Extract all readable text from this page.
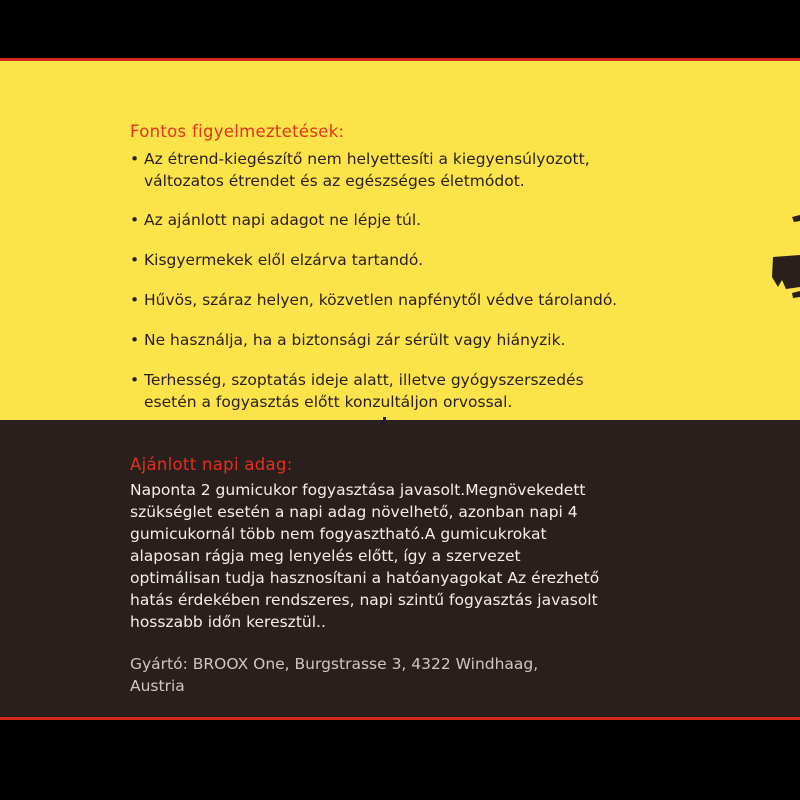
Fontos figyelmeztetések:
• Az étrend-kiegészítő nem helyettesíti a kiegyensúlyozott,
változatos étrendet és az egészséges életmódot.
• Az ajánlott napi adagot ne lépje túl.
• Kisgyermekek elől elzárva tartandó.
• Hűvös, száraz helyen, közvetlen napfénytől védve tárolandó.
• Ne használja, ha a biztonsági zár sérült vagy hiányzik.
• Terhesség, szoptatás ideje alatt, illetve gyógyszerszedés
esetén a fogyasztás előtt konzultáljon orvossal.
Ajánlott napi adag:

Naponta 2 gumicukor fogyasztása javasolt.Megnövekedett
szükséglet esetén a napi adag növelhető, azonban napi 4
gumicukornál több nem fogyasztható.A gumicukrokat
alaposan rágja meg lenyelés előtt, így a szervezet
optimálisan tudja hasznosítani a hatóanyagokat Az érezhető
hatás érdekében rendszeres, napi szintű fogyasztás javasolt
hosszabb időn keresztül..

Gyártó: BROOX One, Burgstrasse 3, 4322 Windhaag,
Austria
